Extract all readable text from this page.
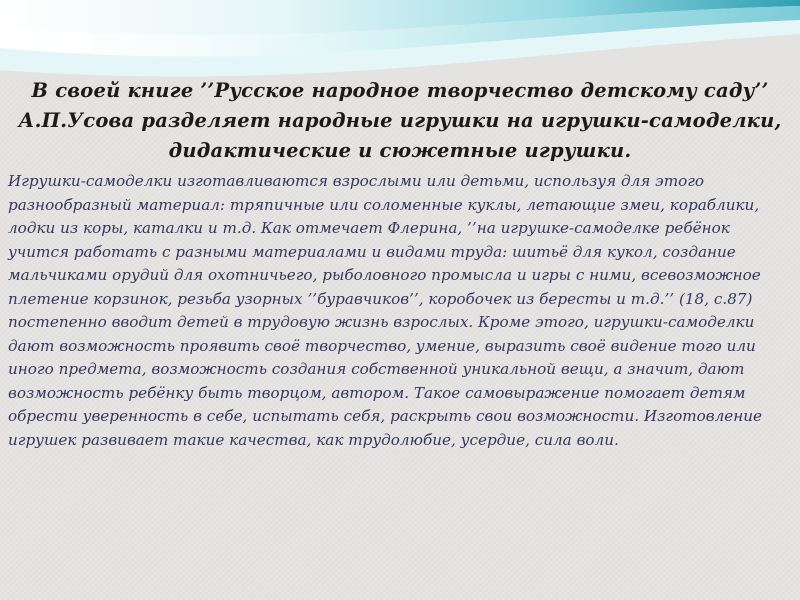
В своей книге ’’Русское народное творчество детскому саду’’ А.П.Усова разделяет народные игрушки на игрушки-самоделки, дидактические и сюжетные игрушки.

Игрушки-самоделки изготавливаются взрослыми или детьми, используя для этого разнообразный материал: тряпичные или соломенные куклы, летающие змеи, кораблики, лодки из коры, каталки и т.д. Как отмечает Флерина, ’’на игрушке-самоделке ребёнок учится работать с разными материалами и видами труда: шитьё для кукол, создание мальчиками орудий для охотничьего, рыболовного промысла и игры с ними, всевозможное плетение корзинок, резьба узорных ’’буравчиков’’, коробочек из бересты и т.д.’’ (18, с.87) постепенно вводит детей в трудовую жизнь взрослых. Кроме этого, игрушки-самоделки дают возможность проявить своё творчество, умение, выразить своё видение того или иного предмета, возможность создания собственной уникальной вещи, а значит, дают возможность ребёнку быть творцом, автором. Такое самовыражение помогает детям обрести уверенность в себе, испытать себя, раскрыть свои возможности. Изготовление игрушек развивает такие качества, как трудолюбие, усердие, сила воли.
